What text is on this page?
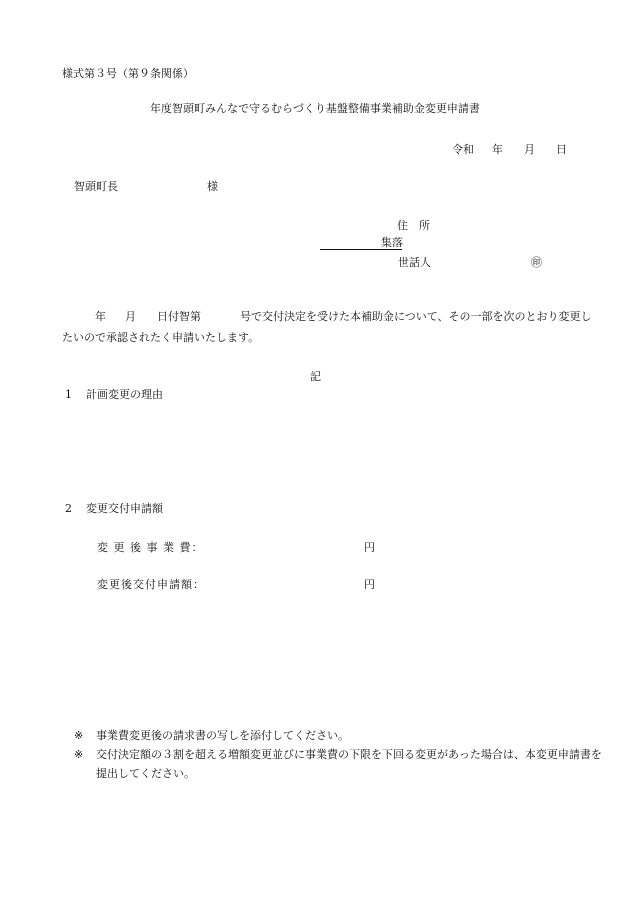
様式第３号（第９条関係）
年度智頭町みんなで守るむらづくり基盤整備事業補助金変更申請書
令和 年 月 日
智頭町長	様
住　所
集落
世話人	㊞
年 月 日付智第	号で交付決定を受けた本補助金について、その一部を次のとおり変更し
たいので承認されたく申請いたします。
記
1 計画変更の理由
2 変更交付申請額
変 更 後 事 業 費：	円
変更後交付申請額：	円
※ 事業費変更後の請求書の写しを添付してください。
※ 交付決定額の３割を超える増額変更並びに事業費の下限を下回る変更があった場合は、本変更申請書を
提出してください。
